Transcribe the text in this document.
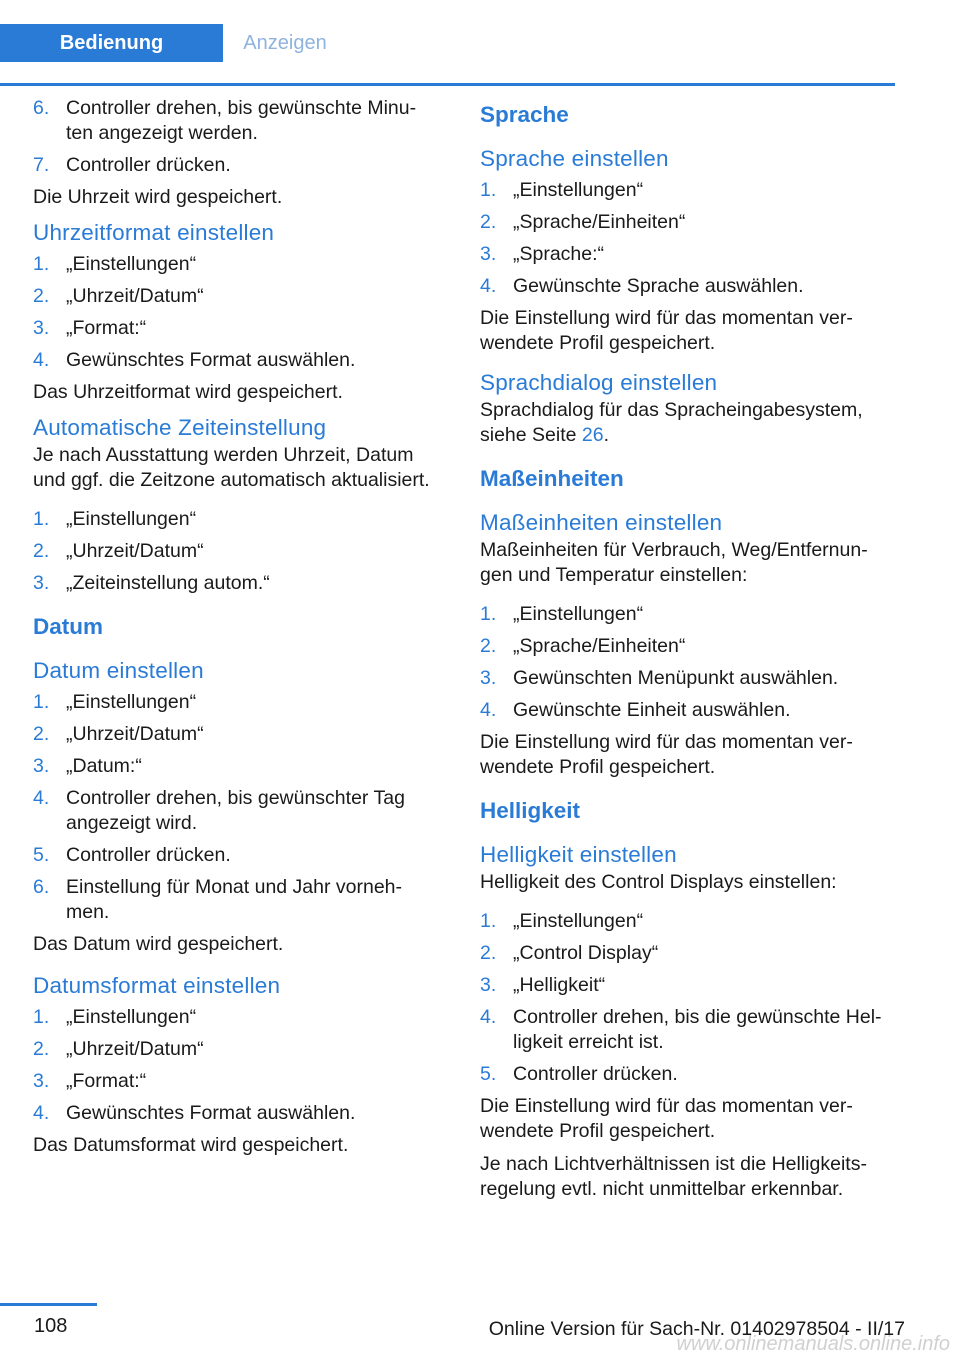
Bedienung	Anzeigen
6. Controller drehen, bis gewünschte Minu-ten angezeigt werden.
7. Controller drücken.
Die Uhrzeit wird gespeichert.
Uhrzeitformat einstellen
1. „Einstellungen“
2. „Uhrzeit/Datum“
3. „Format:“
4. Gewünschtes Format auswählen.
Das Uhrzeitformat wird gespeichert.
Automatische Zeiteinstellung
Je nach Ausstattung werden Uhrzeit, Datum und ggf. die Zeitzone automatisch aktualisiert.
1. „Einstellungen“
2. „Uhrzeit/Datum“
3. „Zeiteinstellung autom.“
Datum
Datum einstellen
1. „Einstellungen“
2. „Uhrzeit/Datum“
3. „Datum:“
4. Controller drehen, bis gewünschter Tag angezeigt wird.
5. Controller drücken.
6. Einstellung für Monat und Jahr vorneh-men.
Das Datum wird gespeichert.
Datumsformat einstellen
1. „Einstellungen“
2. „Uhrzeit/Datum“
3. „Format:“
4. Gewünschtes Format auswählen.
Das Datumsformat wird gespeichert.
Sprache
Sprache einstellen
1. „Einstellungen“
2. „Sprache/Einheiten“
3. „Sprache:“
4. Gewünschte Sprache auswählen.
Die Einstellung wird für das momentan ver-wendete Profil gespeichert.
Sprachdialog einstellen
Sprachdialog für das Spracheingabesystem, siehe Seite 26.
Maßeinheiten
Maßeinheiten einstellen
Maßeinheiten für Verbrauch, Weg/Entfernun-gen und Temperatur einstellen:
1. „Einstellungen“
2. „Sprache/Einheiten“
3. Gewünschten Menüpunkt auswählen.
4. Gewünschte Einheit auswählen.
Die Einstellung wird für das momentan ver-wendete Profil gespeichert.
Helligkeit
Helligkeit einstellen
Helligkeit des Control Displays einstellen:
1. „Einstellungen“
2. „Control Display“
3. „Helligkeit“
4. Controller drehen, bis die gewünschte Hel-ligkeit erreicht ist.
5. Controller drücken.
Die Einstellung wird für das momentan ver-wendete Profil gespeichert.
Je nach Lichtverhältnissen ist die Helligkeits-regelung evtl. nicht unmittelbar erkennbar.
108
www.onlinemanuals.online.info
Online Version für Sach-Nr. 01402978504 - II/17
